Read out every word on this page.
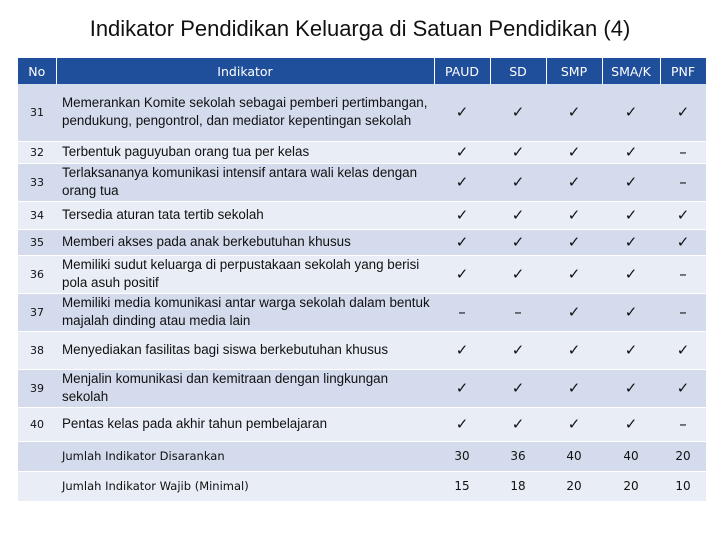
Indikator Pendidikan Keluarga di Satuan Pendidikan (4)
No	Indikator	PAUD	SD	SMP	SMA/K	PNF
31	Memerankan Komite sekolah sebagai pemberi pertimbangan, pendukung, pengontrol, dan mediator kepentingan sekolah	✓	✓	✓	✓	✓
32	Terbentuk paguyuban orang tua per kelas	✓	✓	✓	✓	–
33	Terlaksananya komunikasi intensif antara wali kelas dengan orang tua	✓	✓	✓	✓	–
34	Tersedia aturan tata tertib sekolah	✓	✓	✓	✓	✓
35	Memberi akses pada anak berkebutuhan khusus	✓	✓	✓	✓	✓
36	Memiliki sudut keluarga di perpustakaan sekolah yang berisi pola asuh positif	✓	✓	✓	✓	–
37	Memiliki media komunikasi antar warga sekolah dalam bentuk majalah dinding atau media lain	–	–	✓	✓	–
38	Menyediakan fasilitas bagi siswa berkebutuhan khusus	✓	✓	✓	✓	✓
39	Menjalin komunikasi dan kemitraan dengan lingkungan sekolah	✓	✓	✓	✓	✓
40	Pentas kelas pada akhir tahun pembelajaran	✓	✓	✓	✓	–
	Jumlah Indikator Disarankan	30	36	40	40	20
	Jumlah Indikator Wajib (Minimal)	15	18	20	20	10
